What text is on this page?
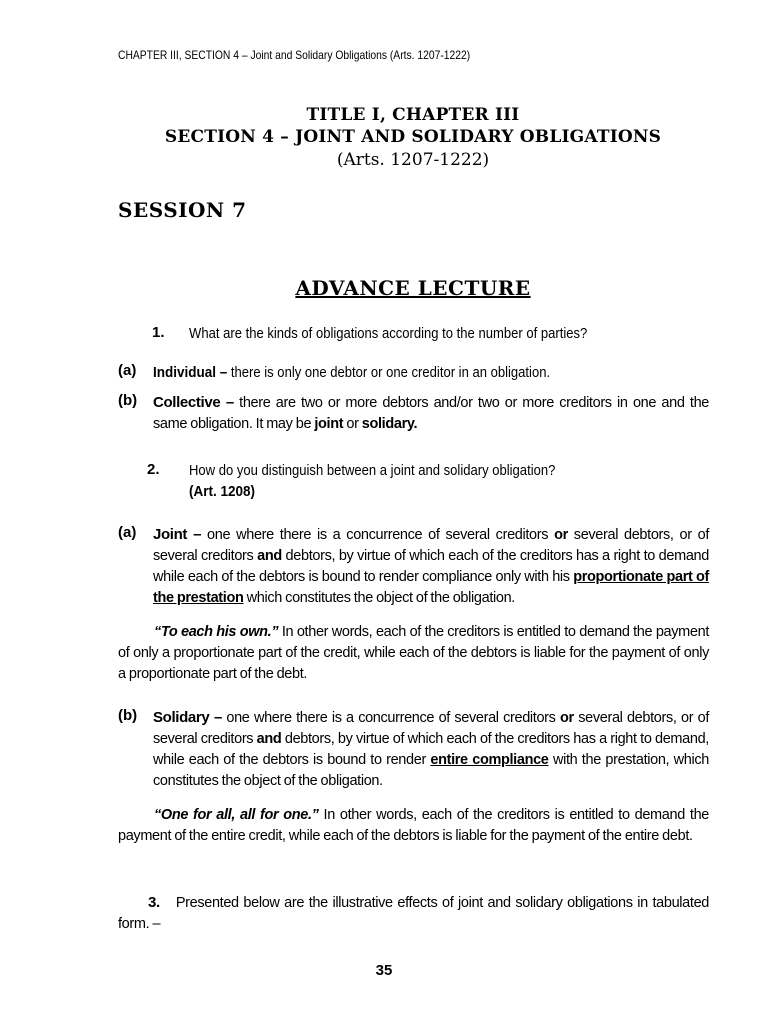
CHAPTER III, SECTION 4 – Joint and Solidary Obligations (Arts. 1207-1222)
TITLE I, CHAPTER III
SECTION 4 – JOINT AND SOLIDARY OBLIGATIONS
(Arts. 1207-1222)
SESSION 7
ADVANCE LECTURE
1. What are the kinds of obligations according to the number of parties?
(a) Individual – there is only one debtor or one creditor in an obligation.
(b) Collective – there are two or more debtors and/or two or more creditors in one and the same obligation. It may be joint or solidary.
2. How do you distinguish between a joint and solidary obligation?
(Art. 1208)
(a) Joint – one where there is a concurrence of several creditors or several debtors, or of several creditors and debtors, by virtue of which each of the creditors has a right to demand while each of the debtors is bound to render compliance only with his proportionate part of the prestation which constitutes the object of the obligation.
“To each his own.” In other words, each of the creditors is entitled to demand the payment of only a proportionate part of the credit, while each of the debtors is liable for the payment of only a proportionate part of the debt.
(b) Solidary – one where there is a concurrence of several creditors or several debtors, or of several creditors and debtors, by virtue of which each of the creditors has a right to demand, while each of the debtors is bound to render entire compliance with the prestation, which constitutes the object of the obligation.
“One for all, all for one.” In other words, each of the creditors is entitled to demand the payment of the entire credit, while each of the debtors is liable for the payment of the entire debt.
3. Presented below are the illustrative effects of joint and solidary obligations in tabulated form. –
35
